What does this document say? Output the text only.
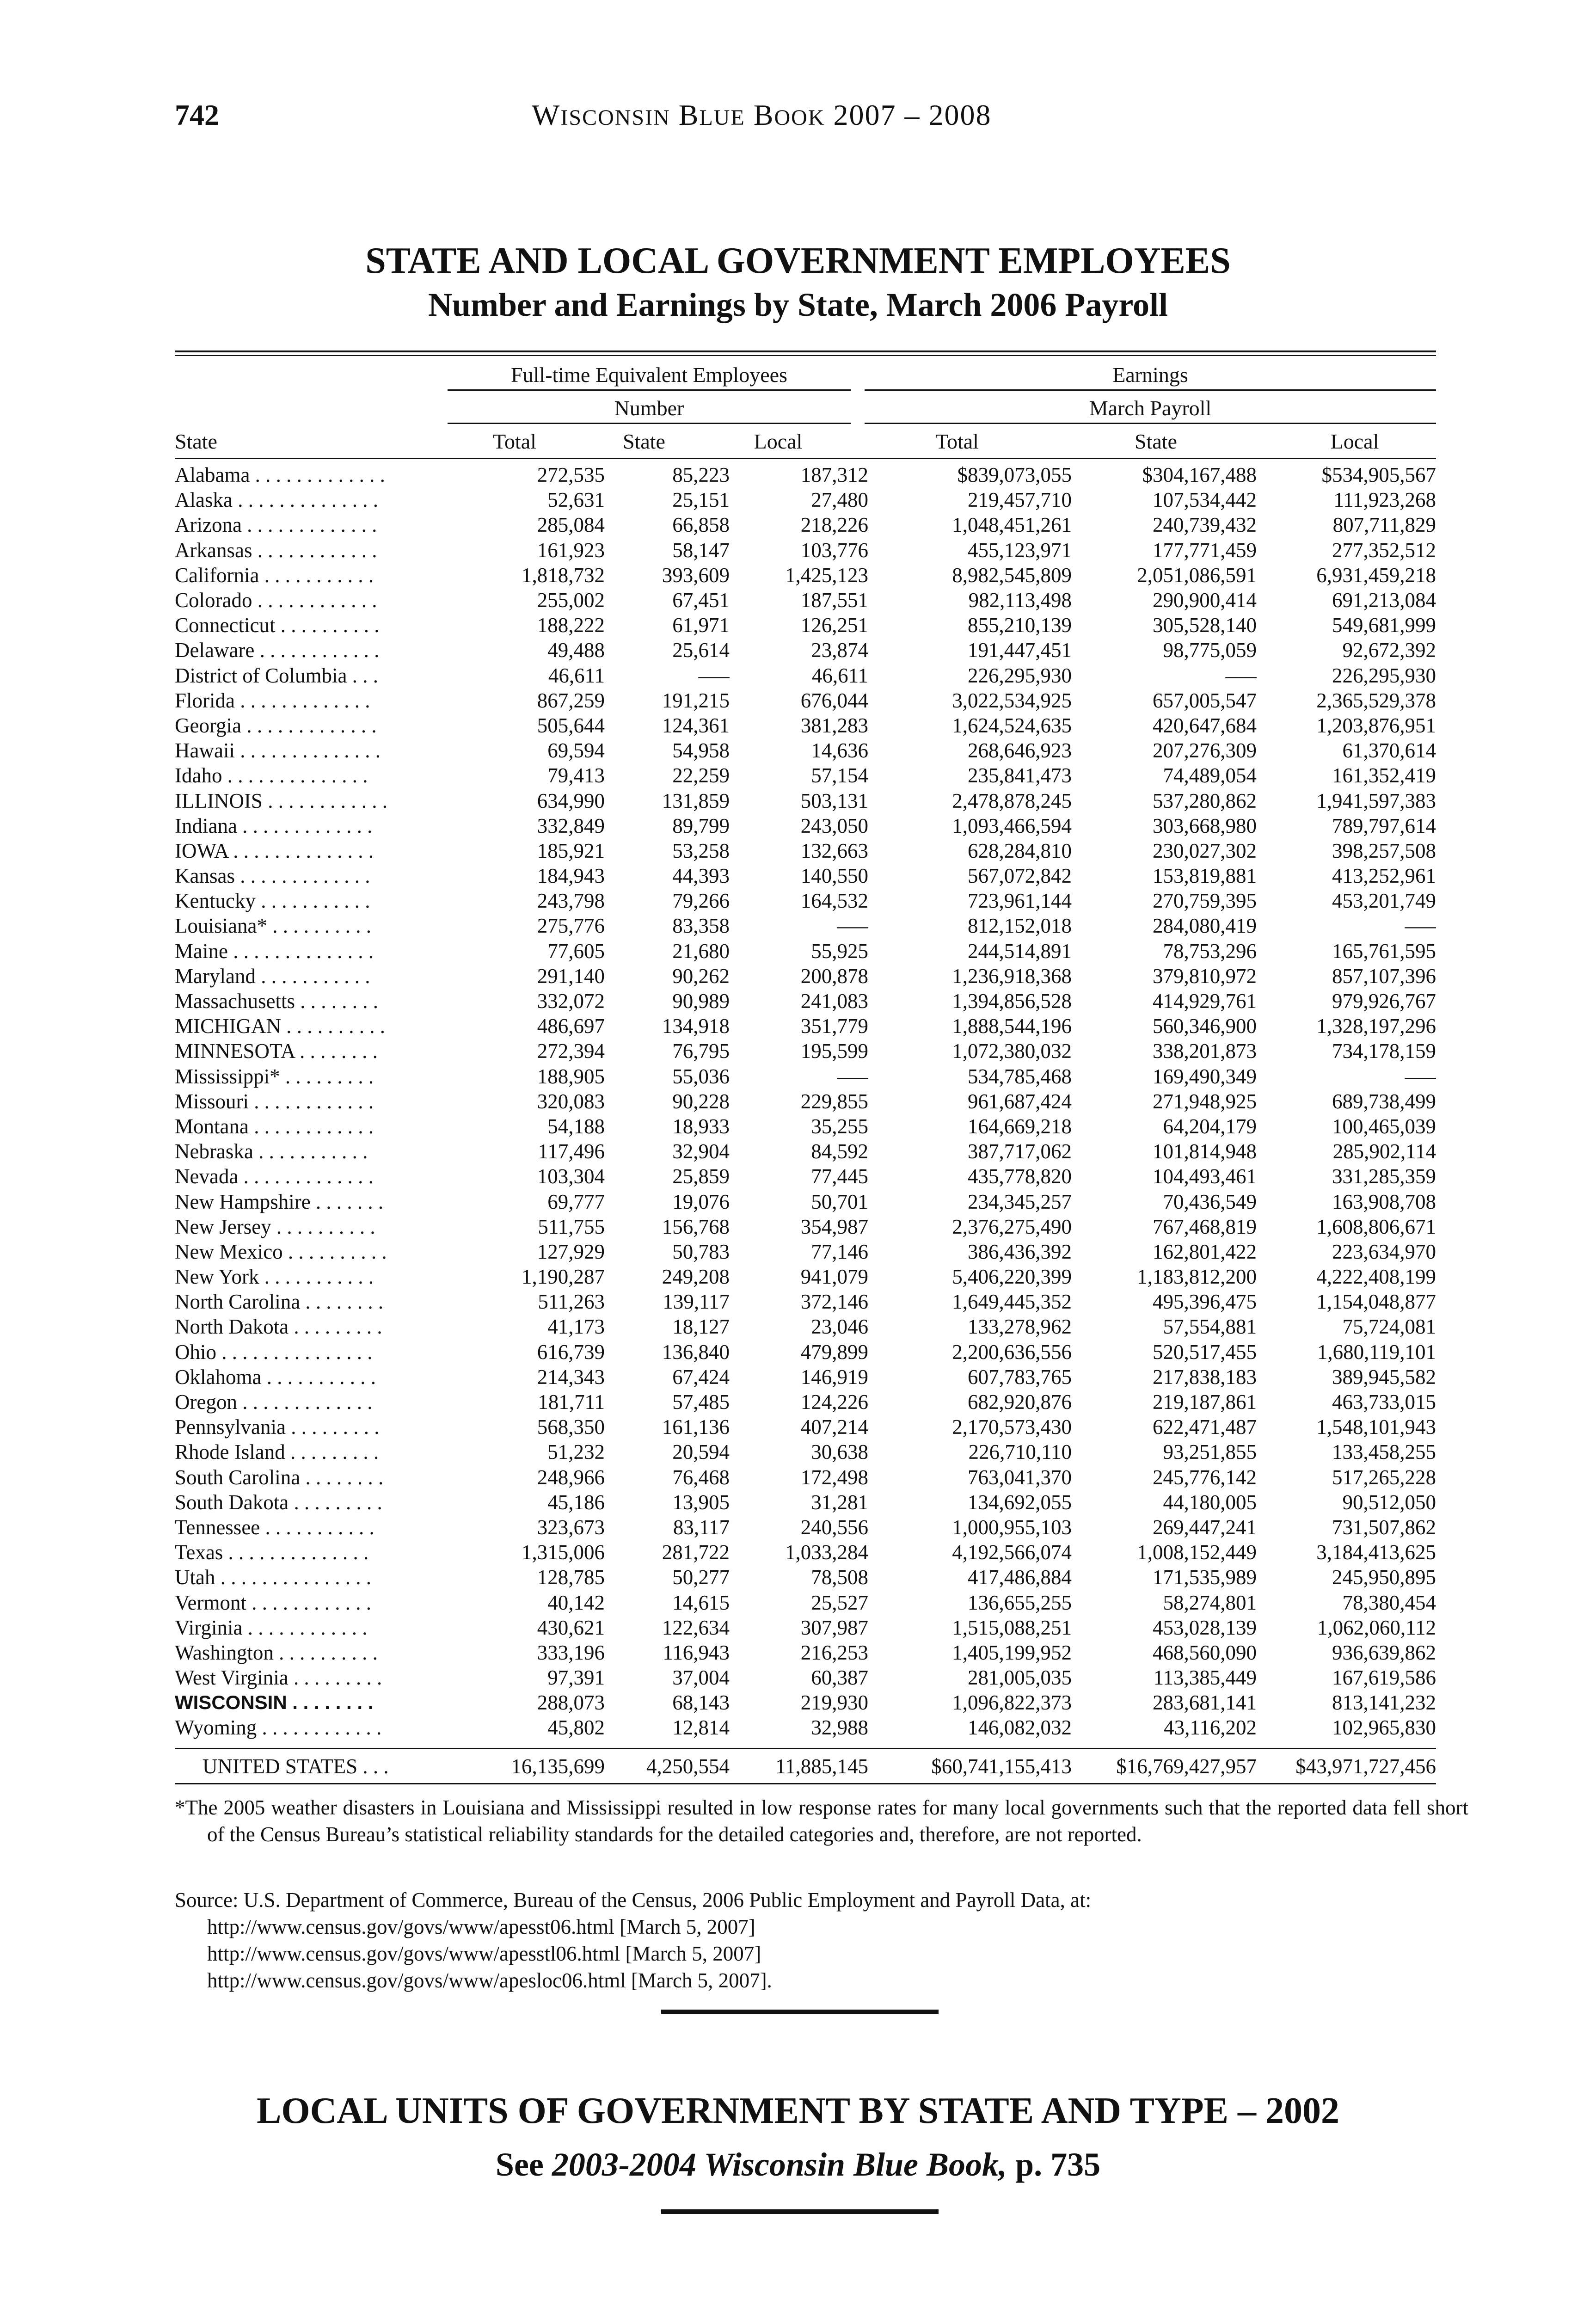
742	WISCONSIN BLUE BOOK 2007 – 2008
STATE AND LOCAL GOVERNMENT EMPLOYEES
Number and Earnings by State, March 2006 Payroll
Full-time Equivalent Employees	Earnings
Number	March Payroll
State	Total	State	Local	Total	State	Local
Alabama . . . . . . . . . . . . .	272,535	85,223	187,312	$839,073,055	$304,167,488	$534,905,567
Alaska . . . . . . . . . . . . . .	52,631	25,151	27,480	219,457,710	107,534,442	111,923,268
Arizona . . . . . . . . . . . . .	285,084	66,858	218,226	1,048,451,261	240,739,432	807,711,829
Arkansas . . . . . . . . . . . .	161,923	58,147	103,776	455,123,971	177,771,459	277,352,512
California . . . . . . . . . . .	1,818,732	393,609	1,425,123	8,982,545,809	2,051,086,591	6,931,459,218
Colorado . . . . . . . . . . . .	255,002	67,451	187,551	982,113,498	290,900,414	691,213,084
Connecticut . . . . . . . . . .	188,222	61,971	126,251	855,210,139	305,528,140	549,681,999
Delaware . . . . . . . . . . . .	49,488	25,614	23,874	191,447,451	98,775,059	92,672,392
District of Columbia . . .	46,611	–––	46,611	226,295,930	–––	226,295,930
Florida . . . . . . . . . . . . .	867,259	191,215	676,044	3,022,534,925	657,005,547	2,365,529,378
Georgia . . . . . . . . . . . . .	505,644	124,361	381,283	1,624,524,635	420,647,684	1,203,876,951
Hawaii . . . . . . . . . . . . . .	69,594	54,958	14,636	268,646,923	207,276,309	61,370,614
Idaho . . . . . . . . . . . . . .	79,413	22,259	57,154	235,841,473	74,489,054	161,352,419
ILLINOIS . . . . . . . . . . . .	634,990	131,859	503,131	2,478,878,245	537,280,862	1,941,597,383
Indiana . . . . . . . . . . . . .	332,849	89,799	243,050	1,093,466,594	303,668,980	789,797,614
IOWA . . . . . . . . . . . . . .	185,921	53,258	132,663	628,284,810	230,027,302	398,257,508
Kansas . . . . . . . . . . . . .	184,943	44,393	140,550	567,072,842	153,819,881	413,252,961
Kentucky . . . . . . . . . . .	243,798	79,266	164,532	723,961,144	270,759,395	453,201,749
Louisiana* . . . . . . . . . .	275,776	83,358	–––	812,152,018	284,080,419	–––
Maine . . . . . . . . . . . . . .	77,605	21,680	55,925	244,514,891	78,753,296	165,761,595
Maryland . . . . . . . . . . .	291,140	90,262	200,878	1,236,918,368	379,810,972	857,107,396
Massachusetts . . . . . . . .	332,072	90,989	241,083	1,394,856,528	414,929,761	979,926,767
MICHIGAN . . . . . . . . . .	486,697	134,918	351,779	1,888,544,196	560,346,900	1,328,197,296
MINNESOTA . . . . . . . .	272,394	76,795	195,599	1,072,380,032	338,201,873	734,178,159
Mississippi* . . . . . . . . .	188,905	55,036	–––	534,785,468	169,490,349	–––
Missouri . . . . . . . . . . . .	320,083	90,228	229,855	961,687,424	271,948,925	689,738,499
Montana . . . . . . . . . . . .	54,188	18,933	35,255	164,669,218	64,204,179	100,465,039
Nebraska . . . . . . . . . . .	117,496	32,904	84,592	387,717,062	101,814,948	285,902,114
Nevada . . . . . . . . . . . . .	103,304	25,859	77,445	435,778,820	104,493,461	331,285,359
New Hampshire . . . . . . .	69,777	19,076	50,701	234,345,257	70,436,549	163,908,708
New Jersey . . . . . . . . . .	511,755	156,768	354,987	2,376,275,490	767,468,819	1,608,806,671
New Mexico . . . . . . . . . .	127,929	50,783	77,146	386,436,392	162,801,422	223,634,970
New York . . . . . . . . . . .	1,190,287	249,208	941,079	5,406,220,399	1,183,812,200	4,222,408,199
North Carolina . . . . . . . .	511,263	139,117	372,146	1,649,445,352	495,396,475	1,154,048,877
North Dakota . . . . . . . . .	41,173	18,127	23,046	133,278,962	57,554,881	75,724,081
Ohio . . . . . . . . . . . . . . .	616,739	136,840	479,899	2,200,636,556	520,517,455	1,680,119,101
Oklahoma . . . . . . . . . . .	214,343	67,424	146,919	607,783,765	217,838,183	389,945,582
Oregon . . . . . . . . . . . . .	181,711	57,485	124,226	682,920,876	219,187,861	463,733,015
Pennsylvania . . . . . . . . .	568,350	161,136	407,214	2,170,573,430	622,471,487	1,548,101,943
Rhode Island . . . . . . . . .	51,232	20,594	30,638	226,710,110	93,251,855	133,458,255
South Carolina . . . . . . . .	248,966	76,468	172,498	763,041,370	245,776,142	517,265,228
South Dakota . . . . . . . . .	45,186	13,905	31,281	134,692,055	44,180,005	90,512,050
Tennessee . . . . . . . . . . .	323,673	83,117	240,556	1,000,955,103	269,447,241	731,507,862
Texas . . . . . . . . . . . . . .	1,315,006	281,722	1,033,284	4,192,566,074	1,008,152,449	3,184,413,625
Utah . . . . . . . . . . . . . . .	128,785	50,277	78,508	417,486,884	171,535,989	245,950,895
Vermont . . . . . . . . . . . .	40,142	14,615	25,527	136,655,255	58,274,801	78,380,454
Virginia . . . . . . . . . . . .	430,621	122,634	307,987	1,515,088,251	453,028,139	1,062,060,112
Washington . . . . . . . . . .	333,196	116,943	216,253	1,405,199,952	468,560,090	936,639,862
West Virginia . . . . . . . . .	97,391	37,004	60,387	281,005,035	113,385,449	167,619,586
WISCONSIN . . . . . . . .	288,073	68,143	219,930	1,096,822,373	283,681,141	813,141,232
Wyoming . . . . . . . . . . . .	45,802	12,814	32,988	146,082,032	43,116,202	102,965,830
UNITED STATES . . .	16,135,699	4,250,554	11,885,145	$60,741,155,413	$16,769,427,957	$43,971,727,456
*The 2005 weather disasters in Louisiana and Mississippi resulted in low response rates for many local governments such that the reported data fell short of the Census Bureau’s statistical reliability standards for the detailed categories and, therefore, are not reported.
Source: U.S. Department of Commerce, Bureau of the Census, 2006 Public Employment and Payroll Data, at:
http://www.census.gov/govs/www/apesst06.html [March 5, 2007]
http://www.census.gov/govs/www/apesstl06.html [March 5, 2007]
http://www.census.gov/govs/www/apesloc06.html [March 5, 2007].
LOCAL UNITS OF GOVERNMENT BY STATE AND TYPE – 2002
See 2003-2004 Wisconsin Blue Book, p. 735
